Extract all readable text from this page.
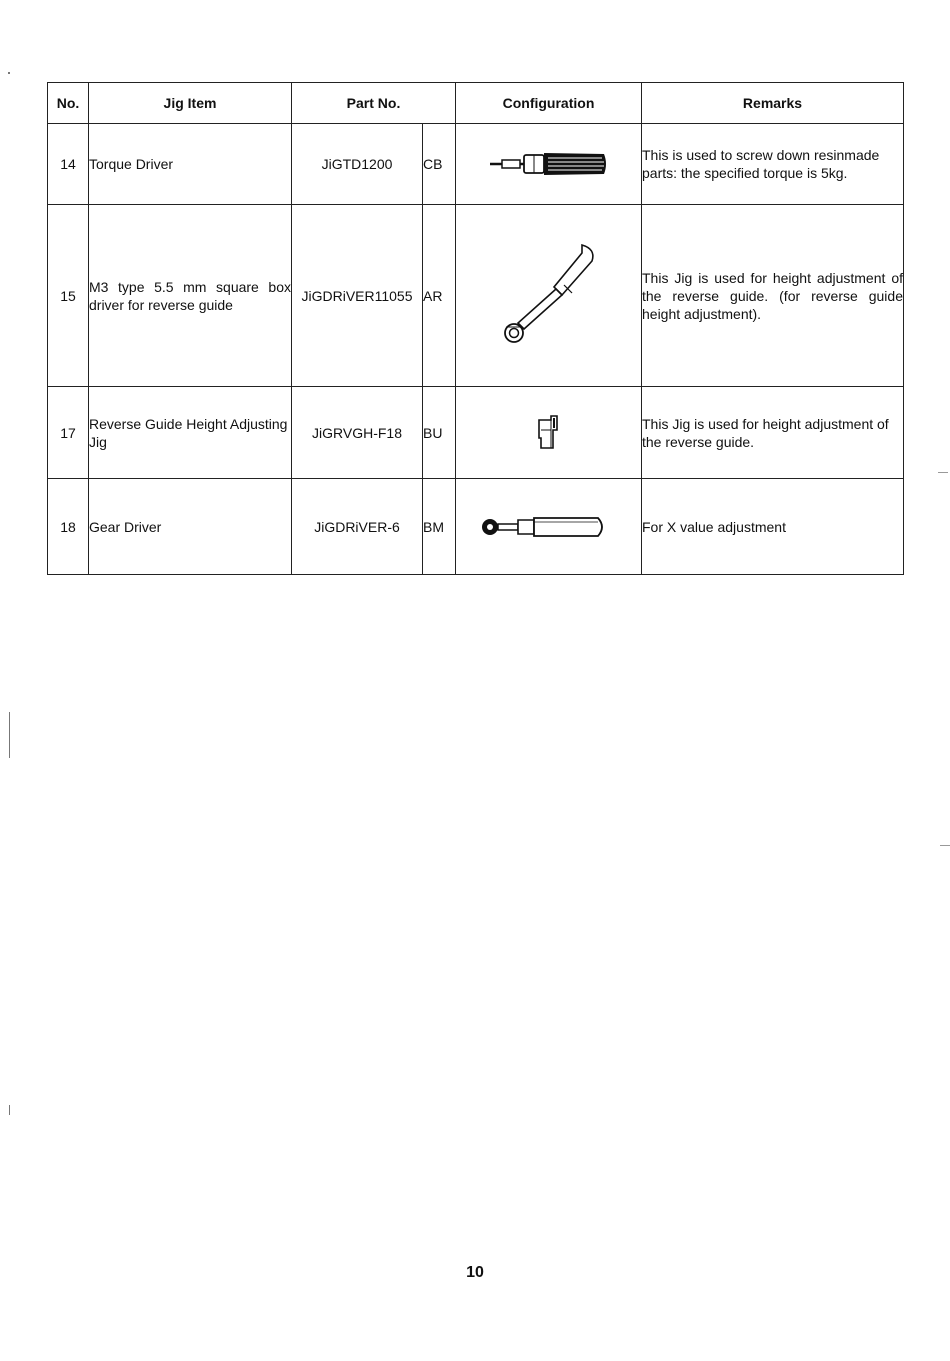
No.	Jig Item	Part No.		Configuration	Remarks
14	Torque Driver	JiGTD1200	CB		This is used to screw down resinmade parts: the specified torque is 5kg.
15	M3 type 5.5 mm square box driver for reverse guide	JiGDRiVER11055	AR		This Jig is used for height adjustment of the reverse guide. (for reverse guide height adjustment).
17	Reverse Guide Height Adjusting Jig	JiGRVGH-F18	BU		This Jig is used for height adjustment of the reverse guide.
18	Gear Driver	JiGDRiVER-6	BM		For X value adjustment
10
